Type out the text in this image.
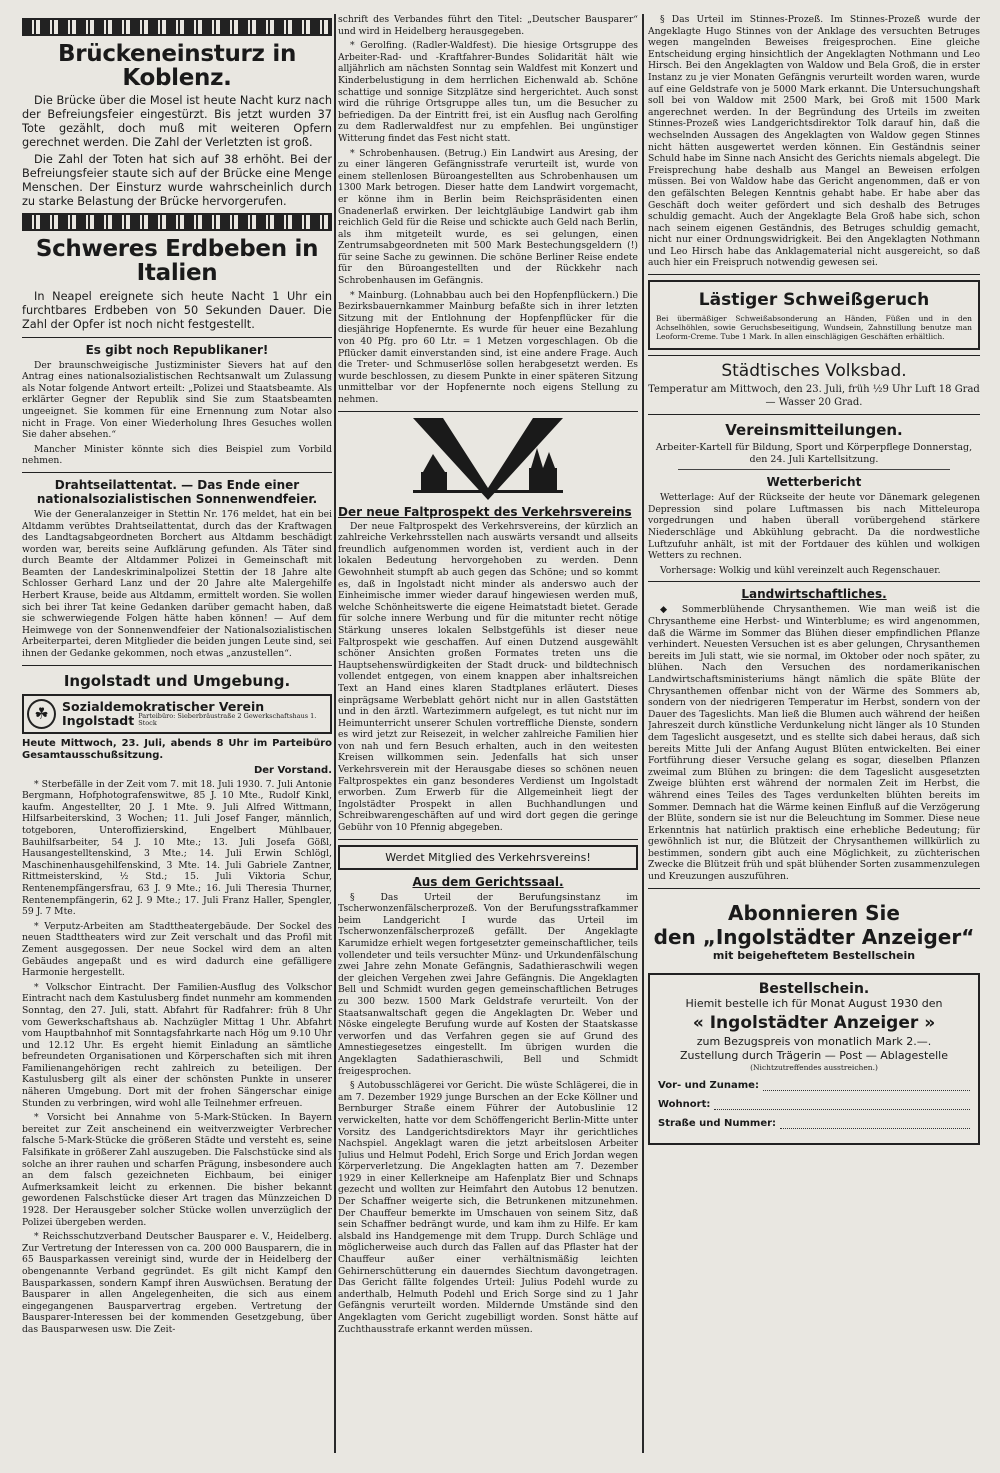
Brückeneinsturz in Koblenz.

Die Brücke über die Mosel ist heute Nacht kurz nach der Befreiungsfeier eingestürzt. Bis jetzt wurden 37 Tote gezählt, doch muß mit weiteren Opfern gerechnet werden. Die Zahl der Verletzten ist groß.

Die Zahl der Toten hat sich auf 38 erhöht. Bei der Befreiungsfeier staute sich auf der Brücke eine Menge Menschen. Der Einsturz wurde wahrscheinlich durch zu starke Belastung der Brücke hervorgerufen.

Schweres Erdbeben in Italien

In Neapel ereignete sich heute Nacht 1 Uhr ein furchtbares Erdbeben von 50 Sekunden Dauer. Die Zahl der Opfer ist noch nicht festgestellt.

Es gibt noch Republikaner!

Der braunschweigische Justizminister Sievers hat auf den Antrag eines nationalsozialistischen Rechtsanwalt um Zulassung als Notar folgende Antwort erteilt: „Polizei und Staatsbeamte. Als erklärter Gegner der Republik sind Sie zum Staatsbeamten ungeeignet. Sie kommen für eine Ernennung zum Notar also nicht in Frage. Von einer Wiederholung Ihres Gesuches wollen Sie daher absehen.“

Mancher Minister könnte sich dies Beispiel zum Vorbild nehmen.

Drahtseilattentat. — Das Ende einer nationalsozialistischen Sonnenwendfeier.

Wie der Generalanzeiger in Stettin Nr. 176 meldet, hat ein bei Altdamm verübtes Drahtseilattentat, durch das der Kraftwagen des Landtagsabgeordneten Borchert aus Altdamm beschädigt worden war, bereits seine Aufklärung gefunden. Als Täter sind durch Beamte der Altdammer Polizei in Gemeinschaft mit Beamten der Landeskriminalpolizei Stettin der 18 Jahre alte Schlosser Gerhard Lanz und der 20 Jahre alte Malergehilfe Herbert Krause, beide aus Altdamm, ermittelt worden. Sie wollen sich bei ihrer Tat keine Gedanken darüber gemacht haben, daß sie schwerwiegende Folgen hätte haben können! — Auf dem Heimwege von der Sonnenwendfeier der Nationalsozialistischen Arbeiterpartei, deren Mitglieder die beiden jungen Leute sind, sei ihnen der Gedanke gekommen, noch etwas „anzustellen“.

Ingolstadt und Umgebung.
☘	Sozialdemokratischer Verein
Ingolstadt Parteibüro: Sieberbräustraße 2 Gewerkschaftshaus 1. Stock

Heute Mittwoch, 23. Juli, abends 8 Uhr im Parteibüro Gesamtausschußsitzung.

Der Vorstand.

* Sterbefälle in der Zeit vom 7. mit 18. Juli 1930. 7. Juli Antonie Bergmann, Hofphotografenswitwe, 85 J. 10 Mte., Rudolf Kinkl, kaufm. Angestellter, 20 J. 1 Mte. 9. Juli Alfred Wittmann, Hilfsarbeiterskind, 3 Wochen; 11. Juli Josef Fanger, männlich, totgeboren, Unteroffizierskind, Engelbert Mühlbauer, Bauhilfsarbeiter, 54 J. 10 Mte.; 13. Juli Josefa Gößl, Hausangestelltenskind, 3 Mte.; 14. Juli Erwin Schlögl, Maschinenhausgehilfenskind, 3 Mte. 14. Juli Gabriele Zantner, Rittmeisterskind, ½ Std.; 15. Juli Viktoria Schur, Rentenempfängersfrau, 63 J. 9 Mte.; 16. Juli Theresia Thurner, Rentenempfängerin, 62 J. 9 Mte.; 17. Juli Franz Haller, Spengler, 59 J. 7 Mte.

* Verputz-Arbeiten am Stadttheatergebäude. Der Sockel des neuen Stadttheaters wird zur Zeit verschalt und das Profil mit Zement ausgegossen. Der neue Sockel wird dem an alten Gebäudes angepaßt und es wird dadurch eine gefälligere Harmonie hergestellt.

* Volkschor Eintracht. Der Familien-Ausflug des Volkschor Eintracht nach dem Kastulusberg findet nunmehr am kommenden Sonntag, den 27. Juli, statt. Abfahrt für Radfahrer: früh 8 Uhr vom Gewerkschaftshaus ab. Nachzügler Mittag 1 Uhr. Abfahrt vom Hauptbahnhof mit Sonntagsfahrkarte nach Hög um 9.10 Uhr und 12.12 Uhr. Es ergeht hiemit Einladung an sämtliche befreundeten Organisationen und Körperschaften sich mit ihren Familienangehörigen recht zahlreich zu beteiligen. Der Kastulusberg gilt als einer der schönsten Punkte in unserer näheren Umgebung. Dort mit der frohen Sängerschar einige Stunden zu verbringen, wird wohl alle Teilnehmer erfreuen.

* Vorsicht bei Annahme von 5-Mark-Stücken. In Bayern bereitet zur Zeit anscheinend ein weitverzweigter Verbrecher falsche 5-Mark-Stücke die größeren Städte und versteht es, seine Falsifikate in größerer Zahl auszugeben. Die Falschstücke sind als solche an ihrer rauhen und scharfen Prägung, insbesondere auch an dem falsch gezeichneten Eichbaum, bei einiger Aufmerksamkeit leicht zu erkennen. Die bisher bekannt gewordenen Falschstücke dieser Art tragen das Münzzeichen D 1928. Der Herausgeber solcher Stücke wollen unverzüglich der Polizei übergeben werden.

* Reichsschutzverband Deutscher Bausparer e. V., Heidelberg. Zur Vertretung der Interessen von ca. 200 000 Bausparern, die in 65 Bausparkassen vereinigt sind, wurde der in Heidelberg der obengenannte Verband gegründet. Es gilt nicht Kampf den Bausparkassen, sondern Kampf ihren Auswüchsen. Beratung der Bausparer in allen Angelegenheiten, die sich aus einem eingegangenen Bausparvertrag ergeben. Vertretung der Bausparer-Interessen bei der kommenden Gesetzgebung, über das Bausparwesen usw. Die Zeit-

schrift des Verbandes führt den Titel: „Deutscher Bausparer“ und wird in Heidelberg herausgegeben.

* Gerolfing. (Radler-Waldfest). Die hiesige Ortsgruppe des Arbeiter-Rad- und -Kraftfahrer-Bundes Solidarität hält wie alljährlich am nächsten Sonntag sein Waldfest mit Konzert und Kinderbelustigung in dem herrlichen Eichenwald ab. Schöne schattige und sonnige Sitzplätze sind hergerichtet. Auch sonst wird die rührige Ortsgruppe alles tun, um die Besucher zu befriedigen. Da der Eintritt frei, ist ein Ausflug nach Gerolfing zu dem Radlerwaldfest nur zu empfehlen. Bei ungünstiger Witterung findet das Fest nicht statt.

* Schrobenhausen. (Betrug.) Ein Landwirt aus Aresing, der zu einer längeren Gefängnisstrafe verurteilt ist, wurde von einem stellenlosen Büroangestellten aus Schrobenhausen um 1300 Mark betrogen. Dieser hatte dem Landwirt vorgemacht, er könne ihm in Berlin beim Reichspräsidenten einen Gnadenerlaß erwirken. Der leichtgläubige Landwirt gab ihm reichlich Geld für die Reise und schickte auch Geld nach Berlin, als ihm mitgeteilt wurde, es sei gelungen, einen Zentrumsabgeordneten mit 500 Mark Bestechungsgeldern (!) für seine Sache zu gewinnen. Die schöne Berliner Reise endete für den Büroangestellten und der Rückkehr nach Schrobenhausen im Gefängnis.

* Mainburg. (Lohnabbau auch bei den Hopfenpflückern.) Die Bezirksbauernkammer Mainburg befaßte sich in ihrer letzten Sitzung mit der Entlohnung der Hopfenpflücker für die diesjährige Hopfenernte. Es wurde für heuer eine Bezahlung von 40 Pfg. pro 60 Ltr. = 1 Metzen vorgeschlagen. Ob die Pflücker damit einverstanden sind, ist eine andere Frage. Auch die Treter- und Schmuserlöse sollen herabgesetzt werden. Es wurde beschlossen, zu diesem Punkte in einer späteren Sitzung unmittelbar vor der Hopfenernte noch eigens Stellung zu nehmen.

Der neue Faltprospekt des Verkehrsvereins

Der neue Faltprospekt des Verkehrsvereins, der kürzlich an zahlreiche Verkehrsstellen nach auswärts versandt und allseits freundlich aufgenommen worden ist, verdient auch in der lokalen Bedeutung hervorgehoben zu werden. Denn Gewohnheit stumpft ab auch gegen das Schöne; und so kommt es, daß in Ingolstadt nicht minder als anderswo auch der Einheimische immer wieder darauf hingewiesen werden muß, welche Schönheitswerte die eigene Heimatstadt bietet. Gerade für solche innere Werbung und für die mitunter recht nötige Stärkung unseres lokalen Selbstgefühls ist dieser neue Faltprospekt wie geschaffen. Auf einen Dutzend ausgewählt schöner Ansichten großen Formates treten uns die Hauptsehenswürdigkeiten der Stadt druck- und bildtechnisch vollendet entgegen, von einem knappen aber inhaltsreichen Text an Hand eines klaren Stadtplanes erläutert. Dieses einprägsame Werbeblatt gehört nicht nur in allen Gaststätten und in den ärztl. Wartezimmern aufgelegt, es tut nicht nur im Heimunterricht unserer Schulen vortreffliche Dienste, sondern es wird jetzt zur Reisezeit, in welcher zahlreiche Familien hier von nah und fern Besuch erhalten, auch in den weitesten Kreisen willkommen sein. Jedenfalls hat sich unser Verkehrsverein mit der Herausgabe dieses so schönen neuen Faltprospektes ein ganz besonderes Verdienst um Ingolstadt erworben. Zum Erwerb für die Allgemeinheit liegt der Ingolstädter Prospekt in allen Buchhandlungen und Schreibwarengeschäften auf und wird dort gegen die geringe Gebühr von 10 Pfennig abgegeben.

Werdet Mitglied des Verkehrsvereins!
Aus dem Gerichtssaal.

§ Das Urteil der Berufungsinstanz im Tscherwonzenfälscherprozeß. Von der Berufungsstrafkammer beim Landgericht I wurde das Urteil im Tscherwonzenfälscherprozeß gefällt. Der Angeklagte Karumidze erhielt wegen fortgesetzter gemeinschaftlicher, teils vollendeter und teils versuchter Münz- und Urkundenfälschung zwei Jahre zehn Monate Gefängnis, Sadathieraschwili wegen der gleichen Vergehen zwei Jahre Gefängnis. Die Angeklagten Bell und Schmidt wurden gegen gemeinschaftlichen Betruges zu 300 bezw. 1500 Mark Geldstrafe verurteilt. Von der Staatsanwaltschaft gegen die Angeklagten Dr. Weber und Nöske eingelegte Berufung wurde auf Kosten der Staatskasse verworfen und das Verfahren gegen sie auf Grund des Amnestiegesetzes eingestellt. Im übrigen wurden die Angeklagten Sadathieraschwili, Bell und Schmidt freigesprochen.

§ Autobusschlägerei vor Gericht. Die wüste Schlägerei, die in am 7. Dezember 1929 junge Burschen an der Ecke Köllner und Bernburger Straße einem Führer der Autobuslinie 12 verwickelten, hatte vor dem Schöffengericht Berlin-Mitte unter Vorsitz des Landgerichtsdirektors Mayr ihr gerichtliches Nachspiel. Angeklagt waren die jetzt arbeitslosen Arbeiter Julius und Helmut Podehl, Erich Sorge und Erich Jordan wegen Körperverletzung. Die Angeklagten hatten am 7. Dezember 1929 in einer Kellerkneipe am Hafenplatz Bier und Schnaps gezecht und wollten zur Heimfahrt den Autobus 12 benutzen. Der Schaffner weigerte sich, die Betrunkenen mitzunehmen. Der Chauffeur bemerkte im Umschauen von seinem Sitz, daß sein Schaffner bedrängt wurde, und kam ihm zu Hilfe. Er kam alsbald ins Handgemenge mit dem Trupp. Durch Schläge und möglicherweise auch durch das Fallen auf das Pflaster hat der Chauffeur außer einer verhältnismäßig leichten Gehirnerschütterung ein dauerndes Siechtum davongetragen. Das Gericht fällte folgendes Urteil: Julius Podehl wurde zu anderthalb, Helmuth Podehl und Erich Sorge sind zu 1 Jahr Gefängnis verurteilt worden. Mildernde Umstände sind den Angeklagten vom Gericht zugebilligt worden. Sonst hätte auf Zuchthausstrafe erkannt werden müssen.

§ Das Urteil im Stinnes-Prozeß. Im Stinnes-Prozeß wurde der Angeklagte Hugo Stinnes von der Anklage des versuchten Betruges wegen mangelnden Beweises freigesprochen. Eine gleiche Entscheidung erging hinsichtlich der Angeklagten Nothmann und Leo Hirsch. Bei den Angeklagten von Waldow und Bela Groß, die in erster Instanz zu je vier Monaten Gefängnis verurteilt worden waren, wurde auf eine Geldstrafe von je 5000 Mark erkannt. Die Untersuchungshaft soll bei von Waldow mit 2500 Mark, bei Groß mit 1500 Mark angerechnet werden. In der Begründung des Urteils im zweiten Stinnes-Prozeß wies Landgerichtsdirektor Tolk darauf hin, daß die wechselnden Aussagen des Angeklagten von Waldow gegen Stinnes nicht hätten ausgewertet werden können. Ein Geständnis seiner Schuld habe im Sinne nach Ansicht des Gerichts niemals abgelegt. Die Freisprechung habe deshalb aus Mangel an Beweisen erfolgen müssen. Bei von Waldow habe das Gericht angenommen, daß er von den gefälschten Belegen Kenntnis gehabt habe. Er habe aber das Geschäft doch weiter gefördert und sich deshalb des Betruges schuldig gemacht. Auch der Angeklagte Bela Groß habe sich, schon nach seinem eigenen Geständnis, des Betruges schuldig gemacht, nicht nur einer Ordnungswidrigkeit. Bei den Angeklagten Nothmann und Leo Hirsch habe das Anklagematerial nicht ausgereicht, so daß auch hier ein Freispruch notwendig gewesen sei.

Lästiger Schweißgeruch

Bei übermäßiger Schweißabsonderung an Händen, Füßen und in den Achselhöhlen, sowie Geruchsbeseitigung, Wundsein, Zahnstillung benutze man Leoform-Creme. Tube 1 Mark. In allen einschlägigen Geschäften erhältlich.

Städtisches Volksbad.

Temperatur am Mittwoch, den 23. Juli, früh ½9 Uhr Luft 18 Grad — Wasser 20 Grad.

Vereinsmitteilungen.

Arbeiter-Kartell für Bildung, Sport und Körperpflege Donnerstag, den 24. Juli Kartellsitzung.

Wetterbericht

Wetterlage: Auf der Rückseite der heute vor Dänemark gelegenen Depression sind polare Luftmassen bis nach Mitteleuropa vorgedrungen und haben überall vorübergehend stärkere Niederschläge und Abkühlung gebracht. Da die nordwestliche Luftzufuhr anhält, ist mit der Fortdauer des kühlen und wolkigen Wetters zu rechnen.

Vorhersage: Wolkig und kühl vereinzelt auch Regenschauer.

Landwirtschaftliches.

◆ Sommerblühende Chrysanthemen. Wie man weiß ist die Chrysantheme eine Herbst- und Winterblume; es wird angenommen, daß die Wärme im Sommer das Blühen dieser empfindlichen Pflanze verhindert. Neuesten Versuchen ist es aber gelungen, Chrysanthemen bereits im Juli statt, wie sie normal, im Oktober oder noch später, zu blühen. Nach den Versuchen des nordamerikanischen Landwirtschaftsministeriums hängt nämlich die späte Blüte der Chrysanthemen offenbar nicht von der Wärme des Sommers ab, sondern von der niedrigeren Temperatur im Herbst, sondern von der Dauer des Tageslichts. Man ließ die Blumen auch während der heißen Jahreszeit durch künstliche Verdunkelung nicht länger als 10 Stunden dem Tageslicht ausgesetzt, und es stellte sich dabei heraus, daß sich bereits Mitte Juli der Anfang August Blüten entwickelten. Bei einer Fortführung dieser Versuche gelang es sogar, dieselben Pflanzen zweimal zum Blühen zu bringen: die dem Tageslicht ausgesetzten Zweige blühten erst während der normalen Zeit im Herbst, die während eines Teiles des Tages verdunkelten blühten bereits im Sommer. Demnach hat die Wärme keinen Einfluß auf die Verzögerung der Blüte, sondern sie ist nur die Beleuchtung im Sommer. Diese neue Erkenntnis hat natürlich praktisch eine erhebliche Bedeutung; für gewöhnlich ist nur, die Blützeit der Chrysanthemen willkürlich zu bestimmen, sondern gibt auch eine Möglichkeit, zu züchterischen Zwecke die Blützeit früh und spät blühender Sorten zusammenzulegen und Kreuzungen auszuführen.

Abonnieren Sie
den „Ingolstädter Anzeiger“
mit beigeheftetem Bestellschein
Bestellschein.
Hiemit bestelle ich für Monat August 1930 den
« Ingolstädter Anzeiger »
zum Bezugspreis von monatlich Mark 2.—.
Zustellung durch Trägerin — Post — Ablagestelle
(Nichtzutreffendes ausstreichen.)
Vor- und Zuname:
Wohnort:
Straße und Nummer:
